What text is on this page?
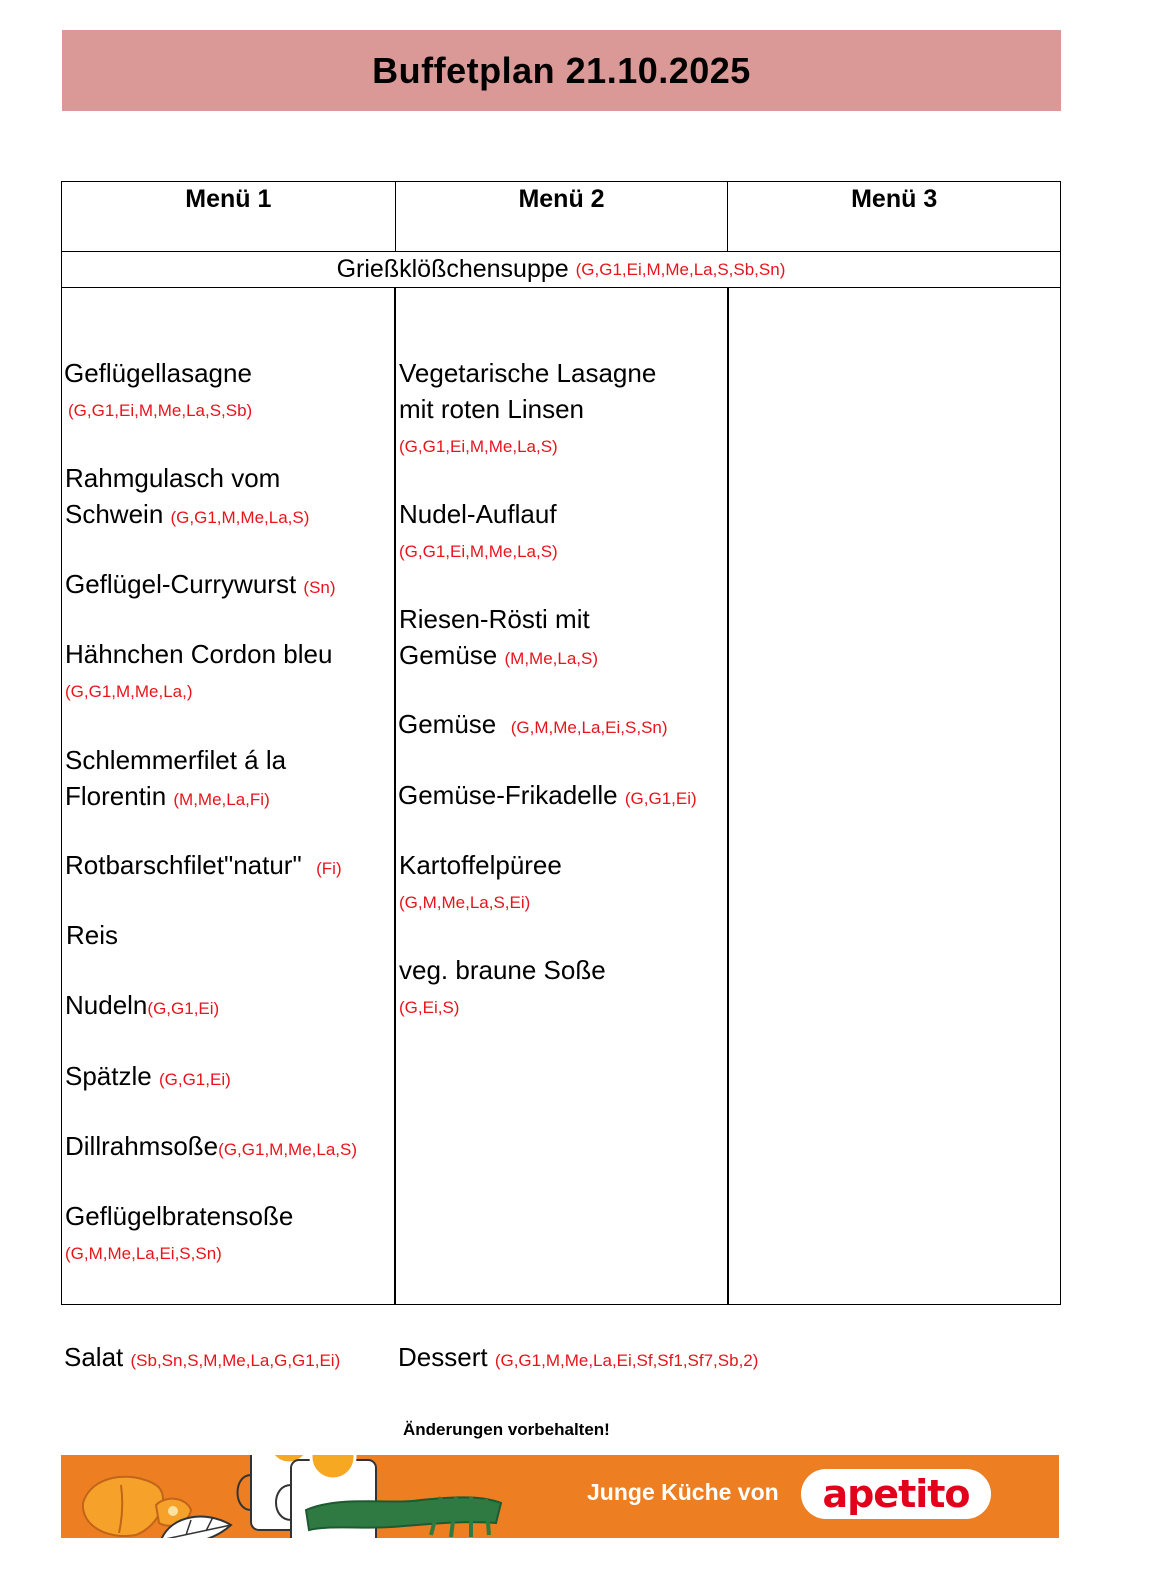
Buffetplan 21.10.2025
Menü 1	Menü 2	Menü 3
Grießklößchensuppe
(G,G1,Ei,M,Me,La,S,Sb,Sn)
Geflügellasagne
(G,G1,Ei,M,Me,La,S,Sb)
Rahmgulasch vom
Schwein (G,G1,M,Me,La,S)
Geflügel-Currywurst (Sn)
Hähnchen Cordon bleu
(G,G1,M,Me,La,)
Schlemmerfilet á la
Florentin (M,Me,La,Fi)
Rotbarschfilet"natur" (Fi)
Reis
Nudeln(G,G1,Ei)
Spätzle (G,G1,Ei)
Dillrahmsoße(G,G1,M,Me,La,S)
Geflügelbratensoße
(G,M,Me,La,Ei,S,Sn)
Vegetarische Lasagne
mit roten Linsen
(G,G1,Ei,M,Me,La,S)
Nudel-Auflauf
(G,G1,Ei,M,Me,La,S)
Riesen-Rösti mit
Gemüse (M,Me,La,S)
Gemüse (G,M,Me,La,Ei,S,Sn)
Gemüse-Frikadelle (G,G1,Ei)
Kartoffelpüree
(G,M,Me,La,S,Ei)
veg. braune Soße
(G,Ei,S)
Salat (Sb,Sn,S,M,Me,La,G,G1,Ei) Dessert (G,G1,M,Me,La,Ei,Sf,Sf1,Sf7,Sb,2)
Änderungen vorbehalten!
Junge Küche von apetito
